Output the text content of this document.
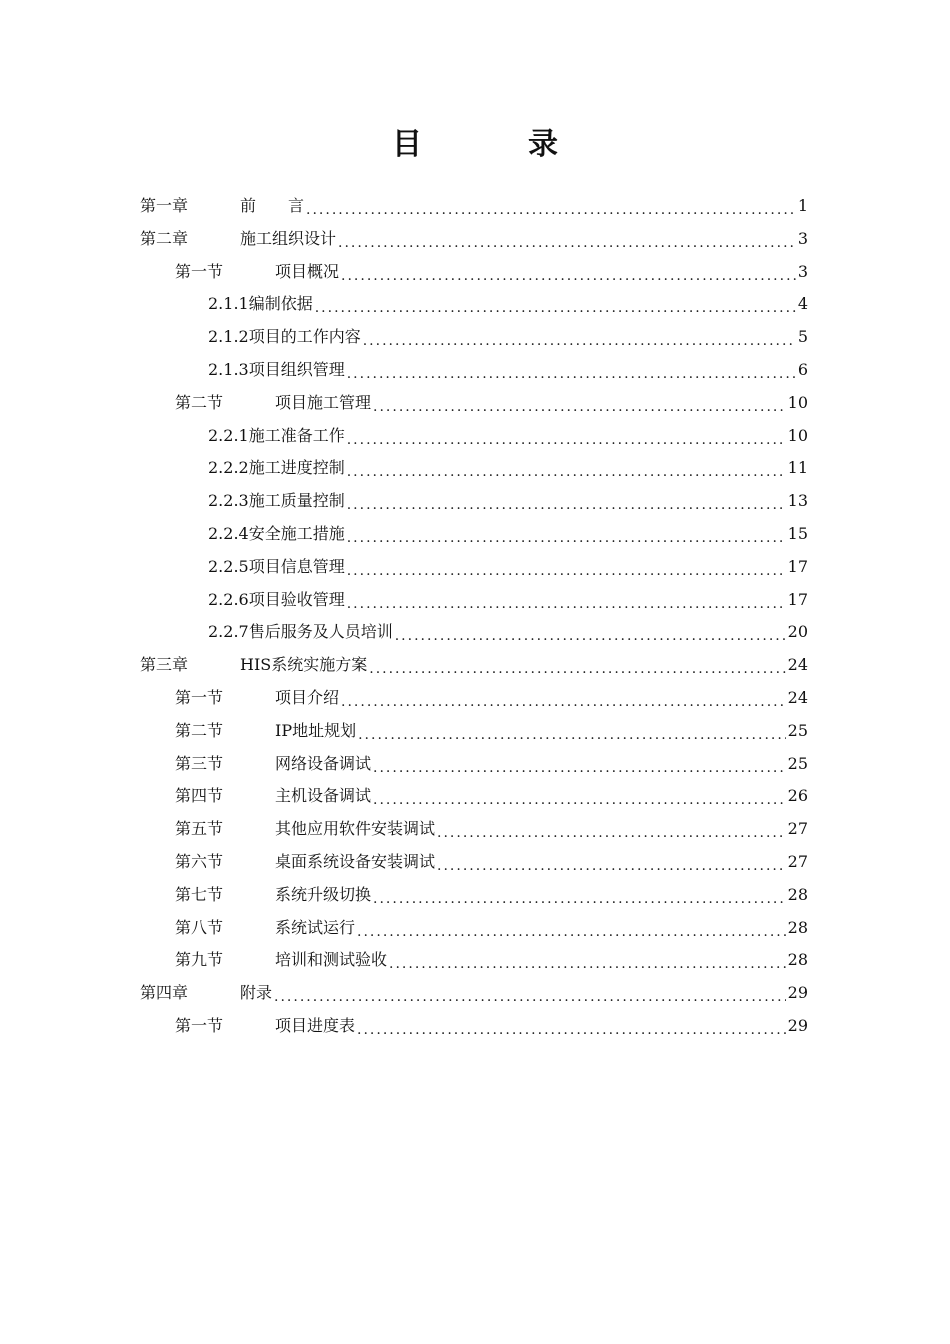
目　录
第一章	前　　言 .....	1
第二章	施工组织设计 .....	3
第一节	项目概况 .....	3
2.1.1 编制依据 .....	4
2.1.2 项目的工作内容 .....	5
2.1.3 项目组织管理 .....	6
第二节	项目施工管理 .....	10
2.2.1 施工准备工作 .....	10
2.2.2 施工进度控制 .....	11
2.2.3 施工质量控制 .....	13
2.2.4 安全施工措施 .....	15
2.2.5 项目信息管理 .....	17
2.2.6 项目验收管理 .....	17
2.2.7 售后服务及人员培训 .....	20
第三章	HIS系统实施方案 .....	24
第一节	项目介绍 .....	24
第二节	IP地址规划 .....	25
第三节	网络设备调试 .....	25
第四节	主机设备调试 .....	26
第五节	其他应用软件安装调试 .....	27
第六节	桌面系统设备安装调试 .....	27
第七节	系统升级切换 .....	28
第八节	系统试运行 .....	28
第九节	培训和测试验收 .....	28
第四章	附录 .....	29
第一节	项目进度表 .....	29
